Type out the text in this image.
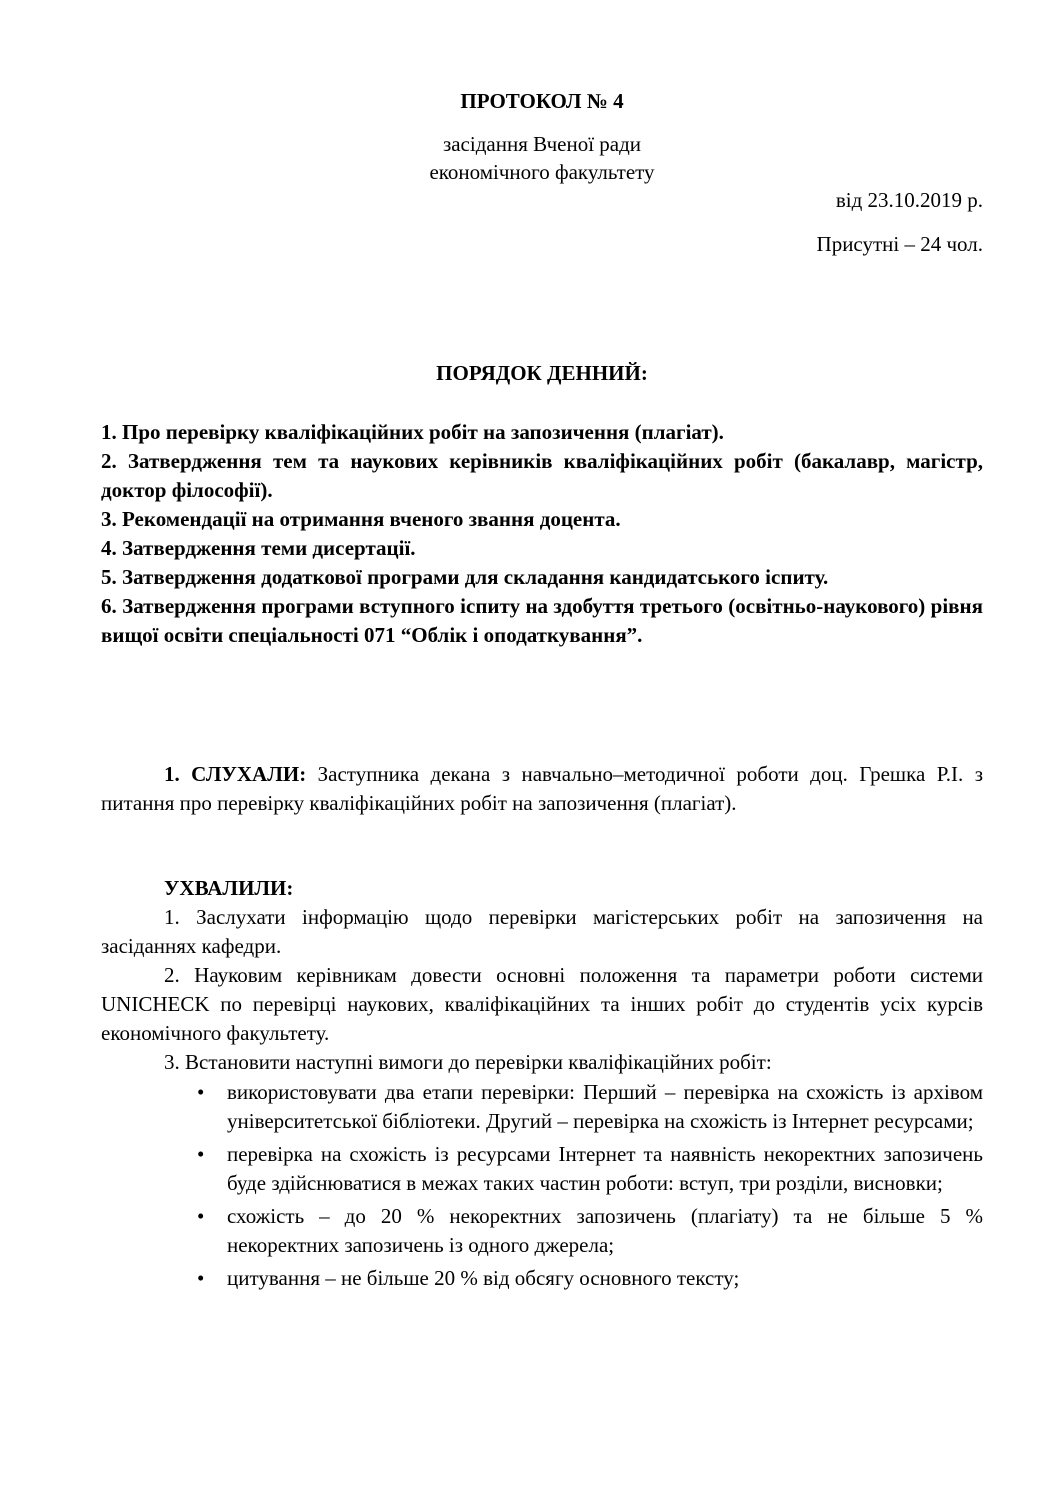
ПРОТОКОЛ № 4
засідання Вченої ради
економічного факультету
від 23.10.2019 р.
Присутні – 24 чол.
ПОРЯДОК ДЕННИЙ:
1. Про перевірку кваліфікаційних робіт на запозичення (плагіат).
2. Затвердження тем та наукових керівників кваліфікаційних робіт (бакалавр, магістр, доктор філософії).
3. Рекомендації на отримання вченого звання доцента.
4. Затвердження теми дисертації.
5. Затвердження додаткової програми для складання кандидатського іспиту.
6. Затвердження програми вступного іспиту на здобуття третього (освітньо-наукового) рівня вищої освіти спеціальності 071 “Облік і оподаткування”.
1. СЛУХАЛИ: Заступника декана з навчально–методичної роботи доц. Грешка Р.І. з питання про перевірку кваліфікаційних робіт на запозичення (плагіат).
УХВАЛИЛИ:
1. Заслухати інформацію щодо перевірки магістерських робіт на запозичення на засіданнях кафедри.
2. Науковим керівникам довести основні положення та параметри роботи системи UNICHECK по перевірці наукових, кваліфікаційних та інших робіт до студентів усіх курсів економічного факультету.
3. Встановити наступні вимоги до перевірки кваліфікаційних робіт:
• використовувати два етапи перевірки: Перший – перевірка на схожість із архівом університетської бібліотеки. Другий – перевірка на схожість із Інтернет ресурсами;
• перевірка на схожість із ресурсами Інтернет та наявність некоректних запозичень буде здійснюватися в межах таких частин роботи: вступ, три розділи, висновки;
• схожість – до 20 % некоректних запозичень (плагіату) та не більше 5 % некоректних запозичень із одного джерела;
• цитування – не більше 20 % від обсягу основного тексту;
